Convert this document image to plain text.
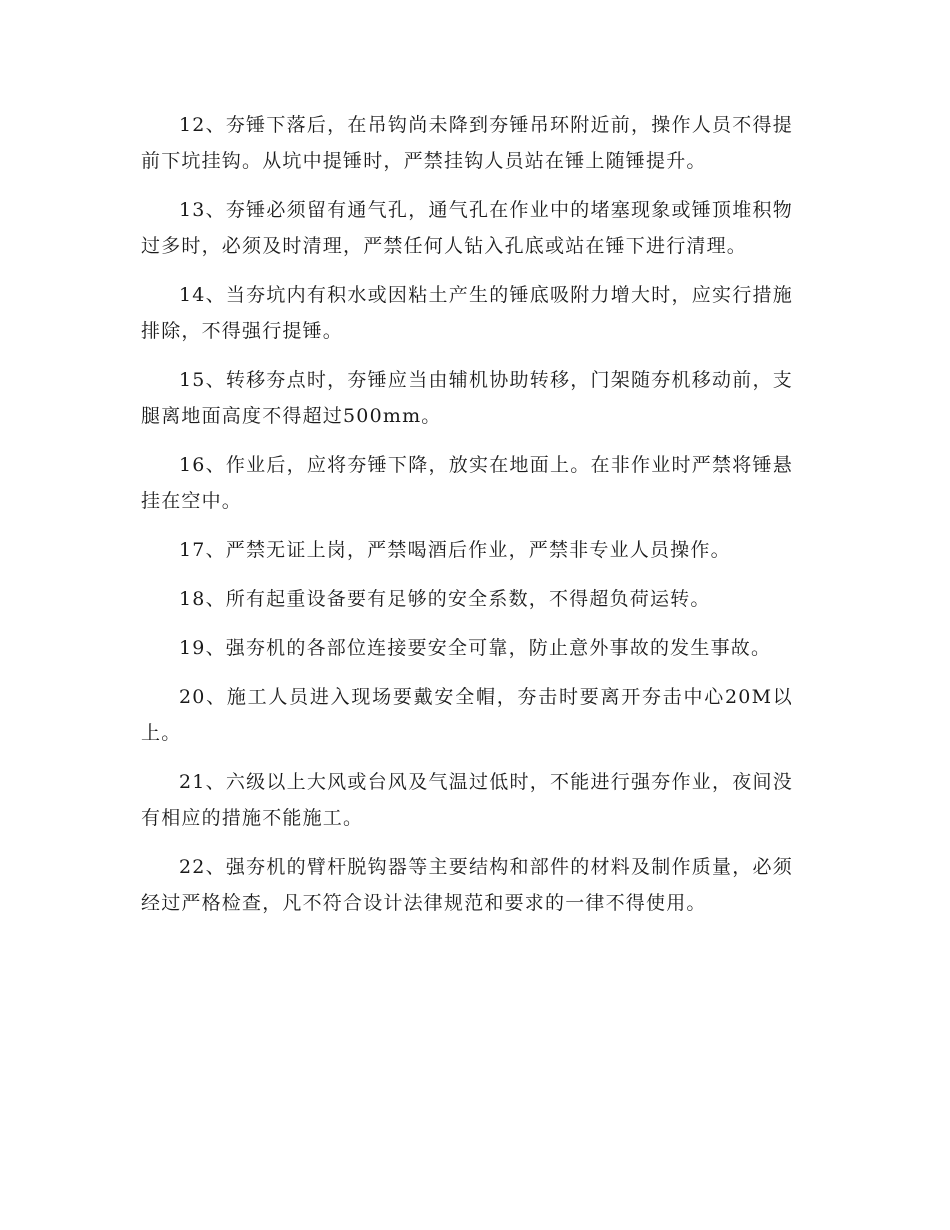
12、夯锤下落后，在吊钩尚未降到夯锤吊环附近前，操作人员不得提前下坑挂钩。从坑中提锤时，严禁挂钩人员站在锤上随锤提升。

13、夯锤必须留有通气孔，通气孔在作业中的堵塞现象或锤顶堆积物过多时，必须及时清理，严禁任何人钻入孔底或站在锤下进行清理。

14、当夯坑内有积水或因粘土产生的锤底吸附力增大时，应实行措施排除，不得强行提锤。

15、转移夯点时，夯锤应当由辅机协助转移，门架随夯机移动前，支腿离地面高度不得超过500mm。

16、作业后，应将夯锤下降，放实在地面上。在非作业时严禁将锤悬挂在空中。

17、严禁无证上岗，严禁喝酒后作业，严禁非专业人员操作。

18、所有起重设备要有足够的安全系数，不得超负荷运转。

19、强夯机的各部位连接要安全可靠，防止意外事故的发生事故。

20、施工人员进入现场要戴安全帽，夯击时要离开夯击中心20M以上。

21、六级以上大风或台风及气温过低时，不能进行强夯作业，夜间没有相应的措施不能施工。

22、强夯机的臂杆脱钩器等主要结构和部件的材料及制作质量，必须经过严格检查，凡不符合设计法律规范和要求的一律不得使用。
